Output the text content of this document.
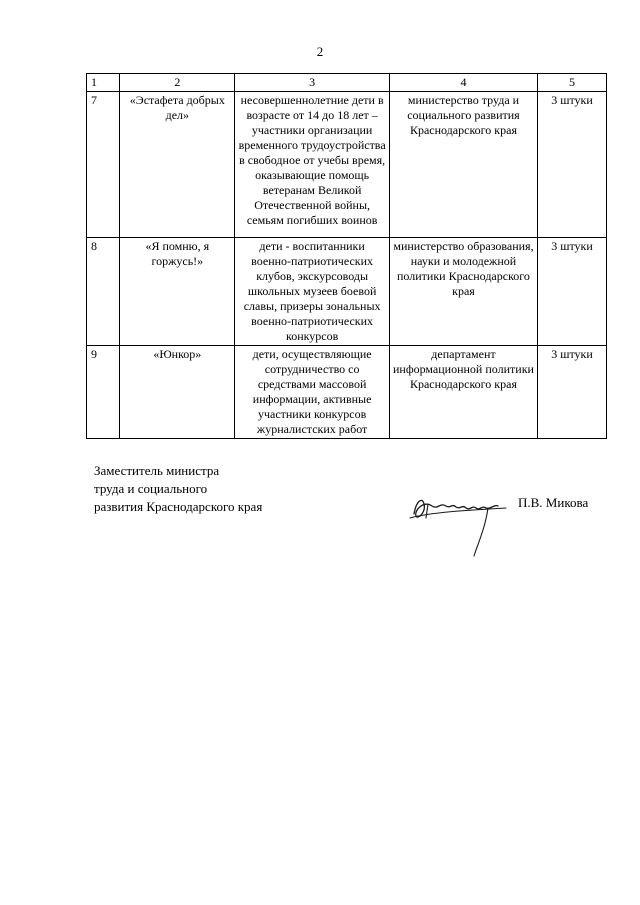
2
1	2	3	4	5
7	«Эстафета добрых дел»	несовершеннолетние дети в возрасте от 14 до 18 лет – участники организации временного трудоустройства в свободное от учебы время, оказывающие помощь ветеранам Великой Отечественной войны, семьям погибших воинов	министерство труда и социального развития Краснодарского края	3 штуки
8	«Я помню, я горжусь!»	дети - воспитанники военно-патриотических клубов, экскурсоводы школьных музеев боевой славы, призеры зональных военно-патриотических конкурсов	министерство образования, науки и молодежной политики Краснодарского края	3 штуки
9	«Юнкор»	дети, осуществляющие сотрудничество со средствами массовой информации, активные участники конкурсов журналистских работ	департамент информационной политики Краснодарского края	3 штуки
Заместитель министра
труда и социального
развития Краснодарского края	П.В. Микова
